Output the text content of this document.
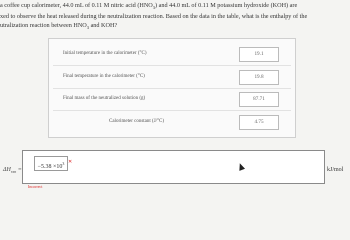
a coffee cup calorimeter, 44.0 mL of 0.11 M nitric acid $(HNO_3)$ and 44.0 mL of 0.11 M potassium hydroxide (KOH) are
xed to observe the heat released during the neutralization reaction. Based on the data in the table, what is the enthalpy of the
utralization reaction between $HNO_3$ and KOH?
Initial temperature in the calorimeter (°C)	19.1
Final temperature in the calorimeter (°C)	19.8
Final mass of the neutralized solution (g)	87.71
Calorimeter constant (J/°C)	4.75
$\Delta H_{rxn}$ =	$-5.38 \times 10^3$ ✕
Incorrect
kJ/mol
